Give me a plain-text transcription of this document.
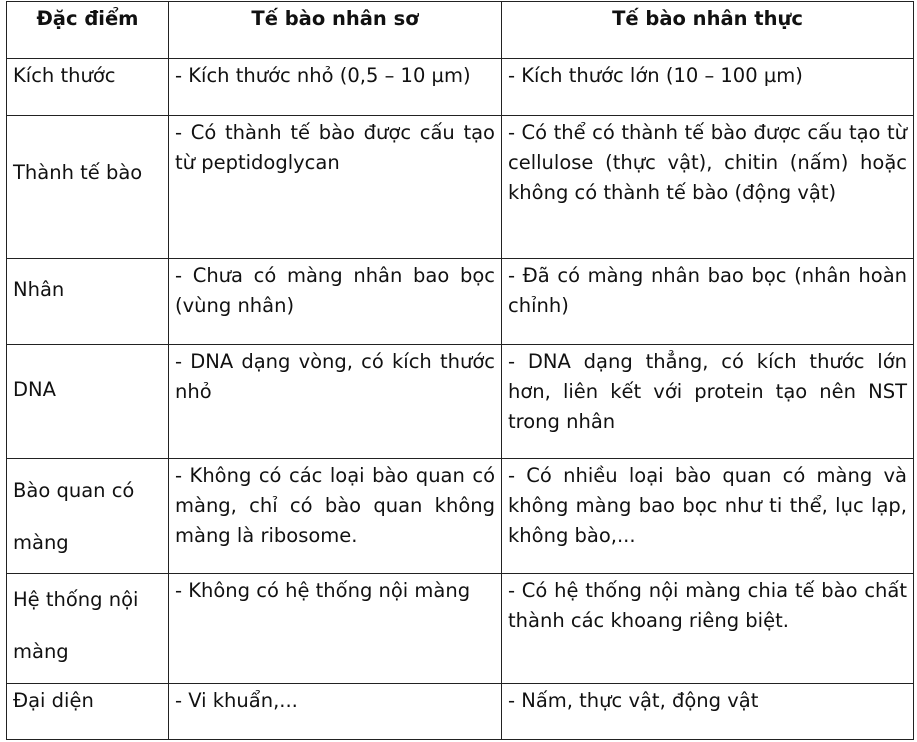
Đặc điểm	Tế bào nhân sơ	Tế bào nhân thực
Kích thước	- Kích thước nhỏ (0,5 – 10 µm)	- Kích thước lớn (10 – 100 µm)
Thành tế bào	- Có thành tế bào được cấu tạo từ peptidoglycan	- Có thể có thành tế bào được cấu tạo từ cellulose (thực vật), chitin (nấm) hoặc không có thành tế bào (động vật)
Nhân	- Chưa có màng nhân bao bọc (vùng nhân)	- Đã có màng nhân bao bọc (nhân hoàn chỉnh)
DNA	- DNA dạng vòng, có kích thước nhỏ	- DNA dạng thẳng, có kích thước lớn hơn, liên kết với protein tạo nên NST trong nhân
Bào quan có màng	- Không có các loại bào quan có màng, chỉ có bào quan không màng là ribosome.	- Có nhiều loại bào quan có màng và không màng bao bọc như ti thể, lục lạp, không bào,...
Hệ thống nội màng	- Không có hệ thống nội màng	- Có hệ thống nội màng chia tế bào chất thành các khoang riêng biệt.
Đại diện	- Vi khuẩn,...	- Nấm, thực vật, động vật
